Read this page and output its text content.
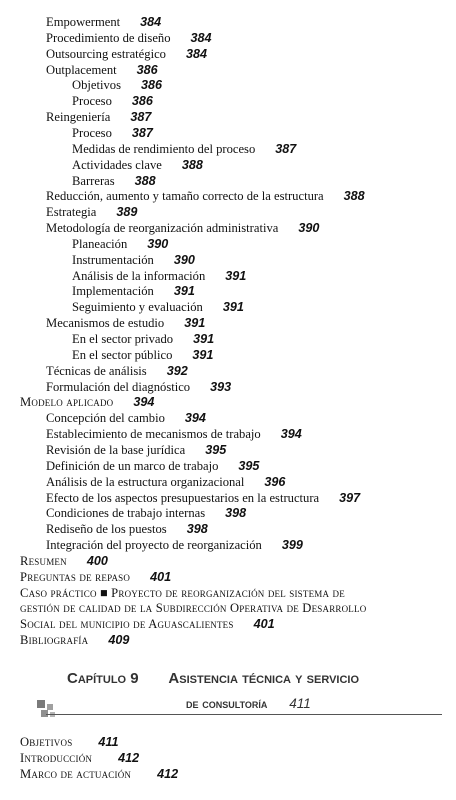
Empowerment 384
Procedimiento de diseño 384
Outsourcing estratégico 384
Outplacement 386
Objetivos 386
Proceso 386
Reingeniería 387
Proceso 387
Medidas de rendimiento del proceso 387
Actividades clave 388
Barreras 388
Reducción, aumento y tamaño correcto de la estructura 388
Estrategia 389
Metodología de reorganización administrativa 390
Planeación 390
Instrumentación 390
Análisis de la información 391
Implementación 391
Seguimiento y evaluación 391
Mecanismos de estudio 391
En el sector privado 391
En el sector público 391
Técnicas de análisis 392
Formulación del diagnóstico 393
Modelo aplicado 394
Concepción del cambio 394
Establecimiento de mecanismos de trabajo 394
Revisión de la base jurídica 395
Definición de un marco de trabajo 395
Análisis de la estructura organizacional 396
Efecto de los aspectos presupuestarios en la estructura 397
Condiciones de trabajo internas 398
Rediseño de los puestos 398
Integración del proyecto de reorganización 399
Resumen 400
Preguntas de repaso 401
Caso práctico ■ Proyecto de reorganización del sistema de
gestión de calidad de la Subdirección Operativa de Desarrollo
Social del municipio de Aguascalientes 401
Bibliografía 409
Capítulo 9 Asistencia técnica y servicio
de consultoría 411
Objetivos 411
Introducción 412
Marco de actuación 412
